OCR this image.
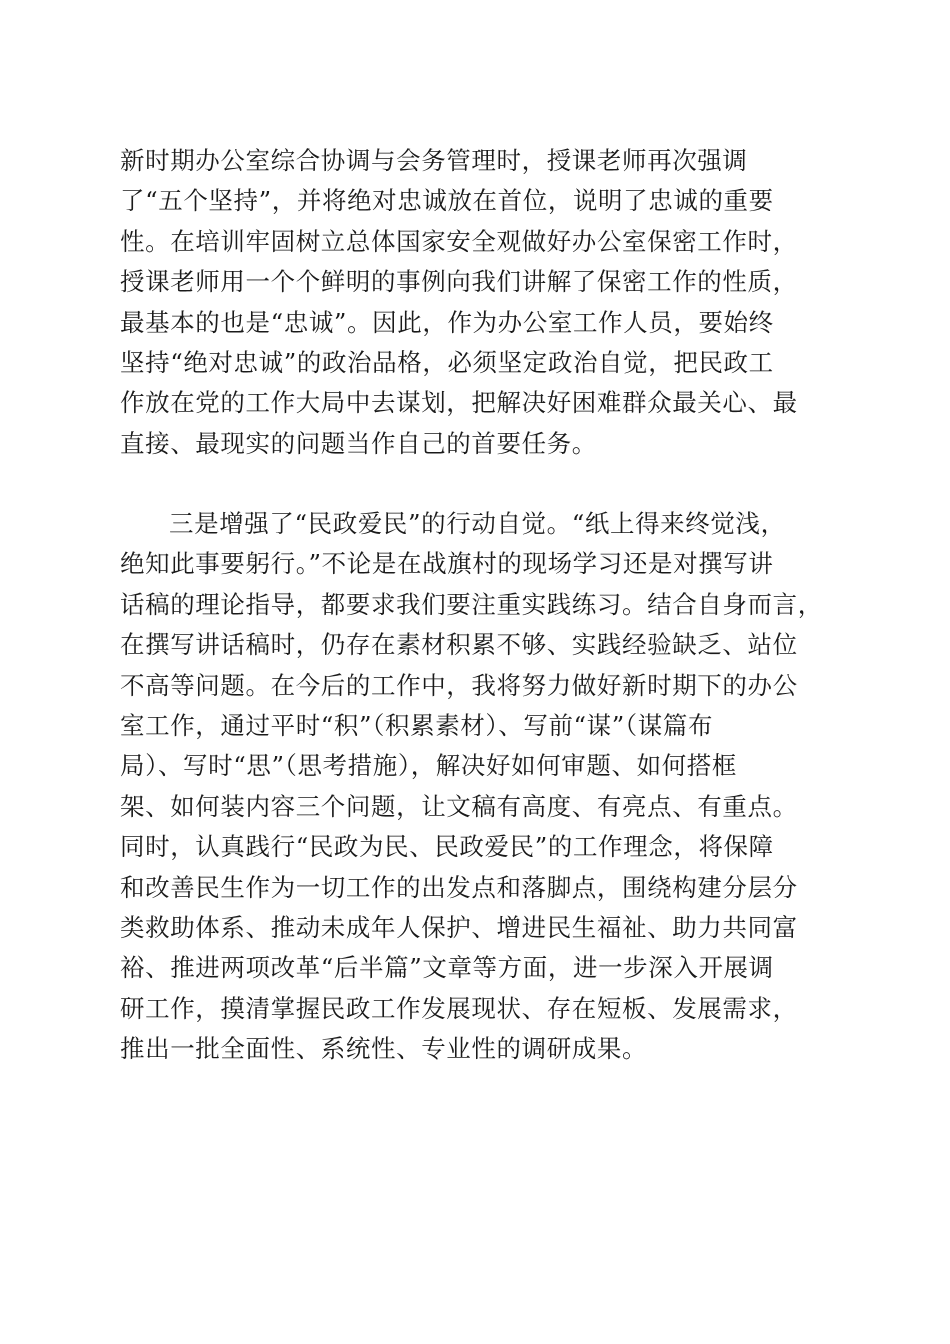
新时期办公室综合协调与会务管理时，授课老师再次强调
了“五个坚持”，并将绝对忠诚放在首位，说明了忠诚的重要
性。在培训牢固树立总体国家安全观做好办公室保密工作时，
授课老师用一个个鲜明的事例向我们讲解了保密工作的性质，
最基本的也是“忠诚”。因此，作为办公室工作人员，要始终
坚持“绝对忠诚”的政治品格，必须坚定政治自觉，把民政工
作放在党的工作大局中去谋划，把解决好困难群众最关心、最
直接、最现实的问题当作自己的首要任务。
三是增强了“民政爱民”的行动自觉。“纸上得来终觉浅，
绝知此事要躬行。”不论是在战旗村的现场学习还是对撰写讲
话稿的理论指导，都要求我们要注重实践练习。结合自身而言，
在撰写讲话稿时，仍存在素材积累不够、实践经验缺乏、站位
不高等问题。在今后的工作中，我将努力做好新时期下的办公
室工作，通过平时“积”（积累素材）、写前“谋”（谋篇布
局）、写时“思”（思考措施），解决好如何审题、如何搭框
架、如何装内容三个问题，让文稿有高度、有亮点、有重点。
同时，认真践行“民政为民、民政爱民”的工作理念，将保障
和改善民生作为一切工作的出发点和落脚点，围绕构建分层分
类救助体系、推动未成年人保护、增进民生福祉、助力共同富
裕、推进两项改革“后半篇”文章等方面，进一步深入开展调
研工作，摸清掌握民政工作发展现状、存在短板、发展需求，
推出一批全面性、系统性、专业性的调研成果。
